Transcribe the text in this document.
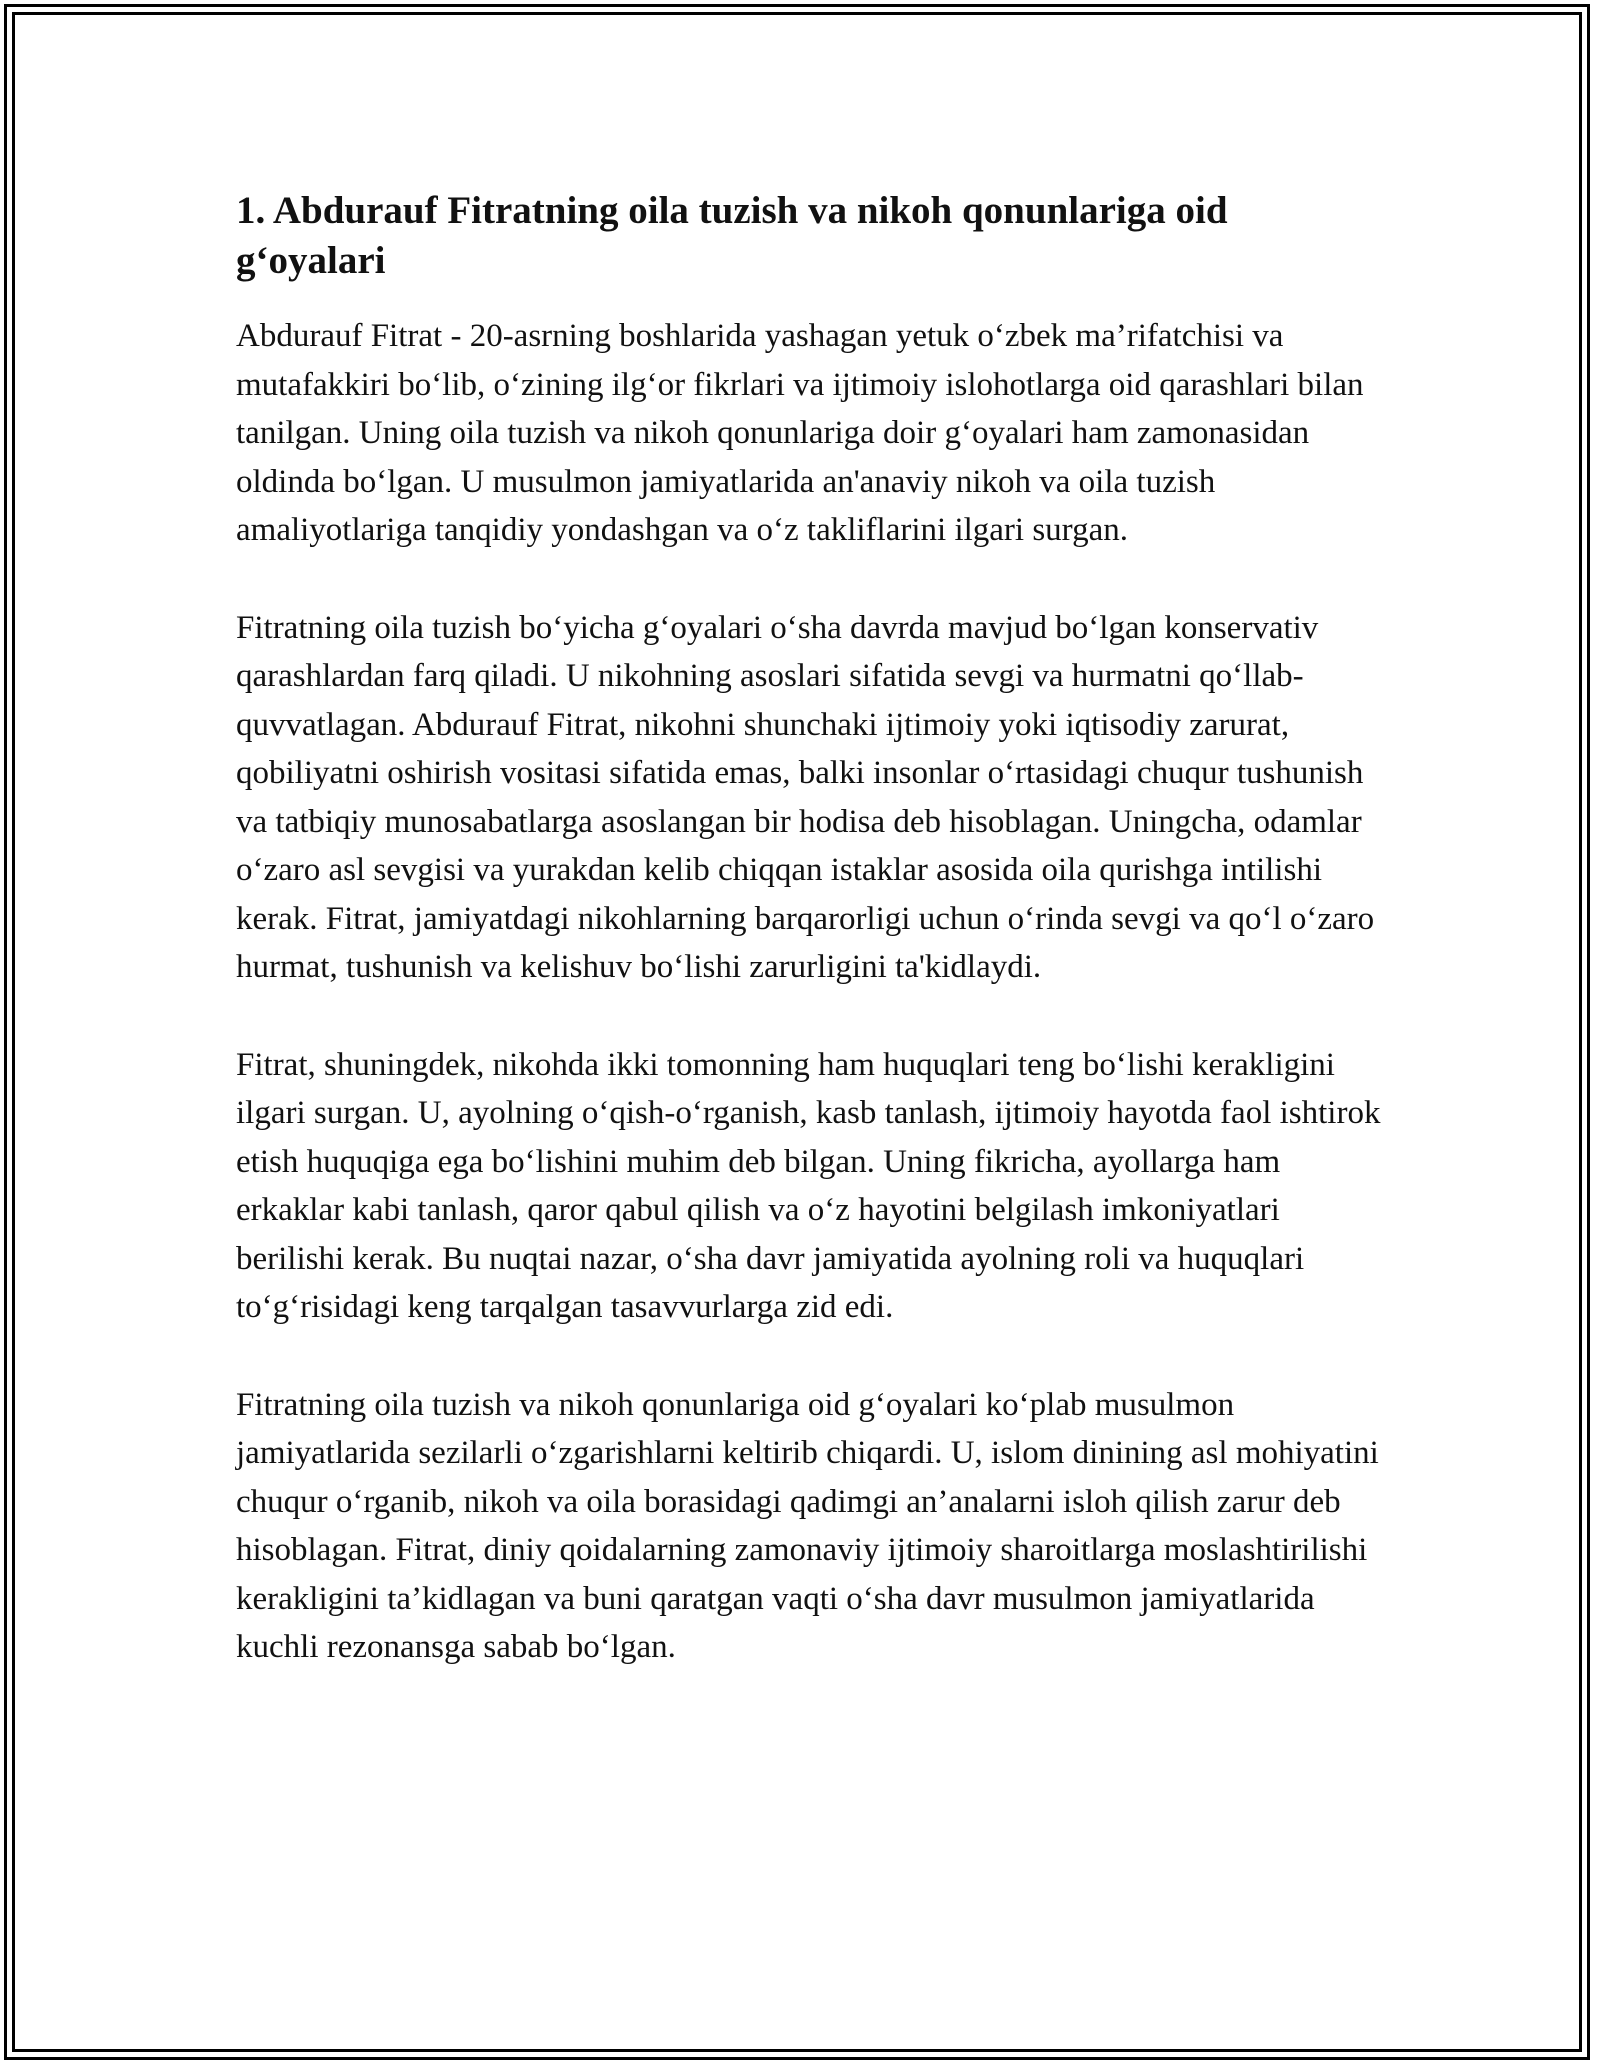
1. Abdurauf Fitratning oila tuzish va nikoh qonunlariga oid g‘oyalari

Abdurauf Fitrat - 20-asrning boshlarida yashagan yetuk o‘zbek ma’rifatchisi va mutafakkiri bo‘lib, o‘zining ilg‘or fikrlari va ijtimoiy islohotlarga oid qarashlari bilan tanilgan. Uning oila tuzish va nikoh qonunlariga doir g‘oyalari ham zamonasidan oldinda bo‘lgan. U musulmon jamiyatlarida an'anaviy nikoh va oila tuzish amaliyotlariga tanqidiy yondashgan va o‘z takliflarini ilgari surgan.

Fitratning oila tuzish bo‘yicha g‘oyalari o‘sha davrda mavjud bo‘lgan konservativ qarashlardan farq qiladi. U nikohning asoslari sifatida sevgi va hurmatni qo‘llab-quvvatlagan. Abdurauf Fitrat, nikohni shunchaki ijtimoiy yoki iqtisodiy zarurat, qobiliyatni oshirish vositasi sifatida emas, balki insonlar o‘rtasidagi chuqur tushunish va tatbiqiy munosabatlarga asoslangan bir hodisa deb hisoblagan. Uningcha, odamlar o‘zaro asl sevgisi va yurakdan kelib chiqqan istaklar asosida oila qurishga intilishi kerak. Fitrat, jamiyatdagi nikohlarning barqarorligi uchun o‘rinda sevgi va qo‘l o‘zaro hurmat, tushunish va kelishuv bo‘lishi zarurligini ta'kidlaydi.

Fitrat, shuningdek, nikohda ikki tomonning ham huquqlari teng bo‘lishi kerakligini ilgari surgan. U, ayolning o‘qish-o‘rganish, kasb tanlash, ijtimoiy hayotda faol ishtirok etish huquqiga ega bo‘lishini muhim deb bilgan. Uning fikricha, ayollarga ham erkaklar kabi tanlash, qaror qabul qilish va o‘z hayotini belgilash imkoniyatlari berilishi kerak. Bu nuqtai nazar, o‘sha davr jamiyatida ayolning roli va huquqlari to‘g‘risidagi keng tarqalgan tasavvurlarga zid edi.

Fitratning oila tuzish va nikoh qonunlariga oid g‘oyalari ko‘plab musulmon jamiyatlarida sezilarli o‘zgarishlarni keltirib chiqardi. U, islom dinining asl mohiyatini chuqur o‘rganib, nikoh va oila borasidagi qadimgi an’analarni isloh qilish zarur deb hisoblagan. Fitrat, diniy qoidalarning zamonaviy ijtimoiy sharoitlarga moslashtirilishi kerakligini ta’kidlagan va buni qaratgan vaqti o‘sha davr musulmon jamiyatlarida kuchli rezonansga sabab bo‘lgan.
